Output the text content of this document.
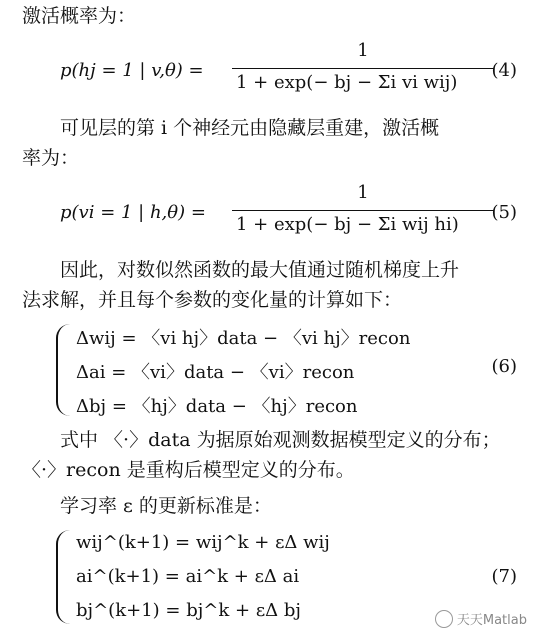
激活概率为：
p(hj = 1 | v,θ) =
1
1 + exp(− bj − Σi vi wij)
(4)
　　可见层的第 i 个神经元由隐藏层重建，激活概
率为：
p(vi = 1 | h,θ) =
1
1 + exp(− bj − Σi wij hi)
(5)
　　因此，对数似然函数的最大值通过随机梯度上升
法求解，并且每个参数的变化量的计算如下：
Δwij = 〈vi hj〉data − 〈vi hj〉recon
Δai = 〈vi〉data − 〈vi〉recon
Δbj = 〈hj〉data − 〈hj〉recon
(6)
　　式中 〈·〉data 为据原始观测数据模型定义的分布；
〈·〉recon 是重构后模型定义的分布。
　　学习率 ε 的更新标准是：
wij^(k+1) = wij^k + εΔ wij
ai^(k+1) = ai^k + εΔ ai
bj^(k+1) = bj^k + εΔ bj
(7)
天天Matlab
